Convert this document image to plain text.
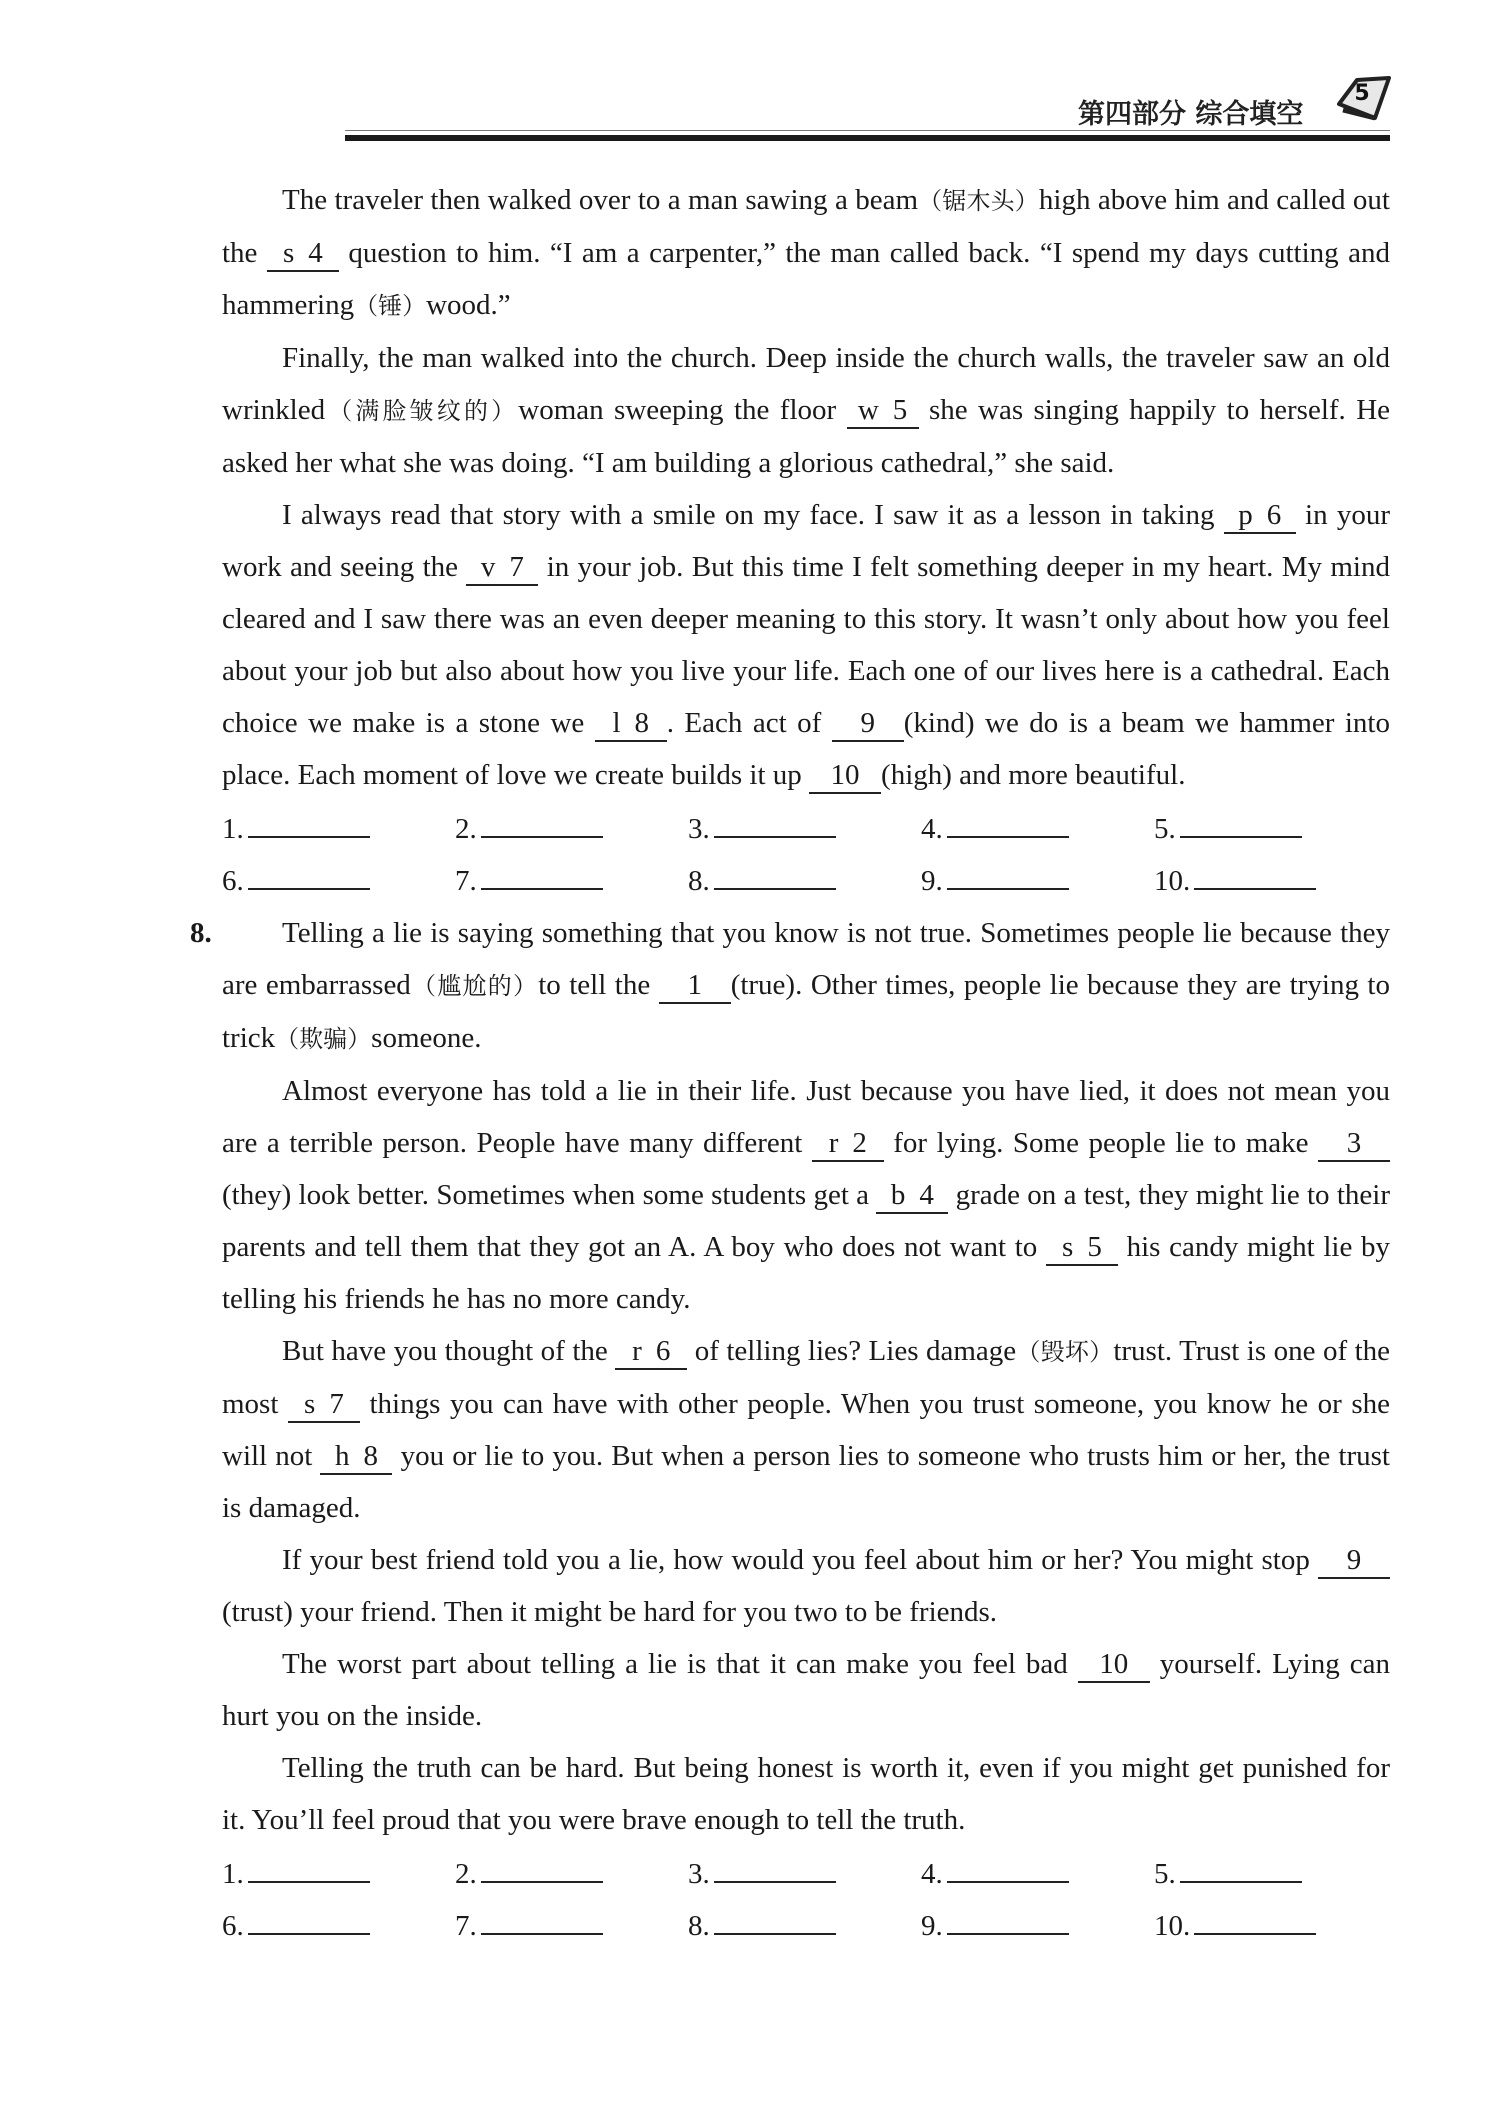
第四部分 综合填空
5

The traveler then walked over to a man sawing a beam（锯木头）high above him and called out the s 4 question to him. “I am a carpenter,” the man called back. “I spend my days cutting and hammering（锤）wood.”

Finally, the man walked into the church. Deep inside the church walls, the traveler saw an old wrinkled（满脸皱纹的）woman sweeping the floor w 5 she was singing happily to herself. He asked her what she was doing. “I am building a glorious cathedral,” she said.

I always read that story with a smile on my face. I saw it as a lesson in taking p 6 in your work and seeing the v 7 in your job. But this time I felt something deeper in my heart. My mind cleared and I saw there was an even deeper meaning to this story. It wasn’t only about how you feel about your job but also about how you live your life. Each one of our lives here is a cathedral. Each choice we make is a stone we l 8 . Each act of 9 (kind) we do is a beam we hammer into place. Each moment of love we create builds it up 10 (high) and more beautiful.

1.	2.	3.	4.	5.
6.	7.	8.	9.	10.
8.	Telling a lie is saying something that you know is not true. Sometimes people lie because they are embarrassed（尴尬的）to tell the 1 (true). Other times, people lie because they are trying to trick（欺骗）someone.

Almost everyone has told a lie in their life. Just because you have lied, it does not mean you are a terrible person. People have many different r 2 for lying. Some people lie to make 3(they) look better. Sometimes when some students get a b 4 grade on a test, they might lie to their parents and tell them that they got an A. A boy who does not want to s 5 his candy might lie by telling his friends he has no more candy.

But have you thought of the r 6 of telling lies? Lies damage（毁坏）trust. Trust is one of the most s 7 things you can have with other people. When you trust someone, you know he or she will not h 8 you or lie to you. But when a person lies to someone who trusts him or her, the trust is damaged.

If your best friend told you a lie, how would you feel about him or her? You might stop 9(trust) your friend. Then it might be hard for you two to be friends.

The worst part about telling a lie is that it can make you feel bad 10 yourself. Lying can hurt you on the inside.

Telling the truth can be hard. But being honest is worth it, even if you might get punished for it. You’ll feel proud that you were brave enough to tell the truth.

1.	2.	3.	4.	5.
6.	7.	8.	9.	10.
